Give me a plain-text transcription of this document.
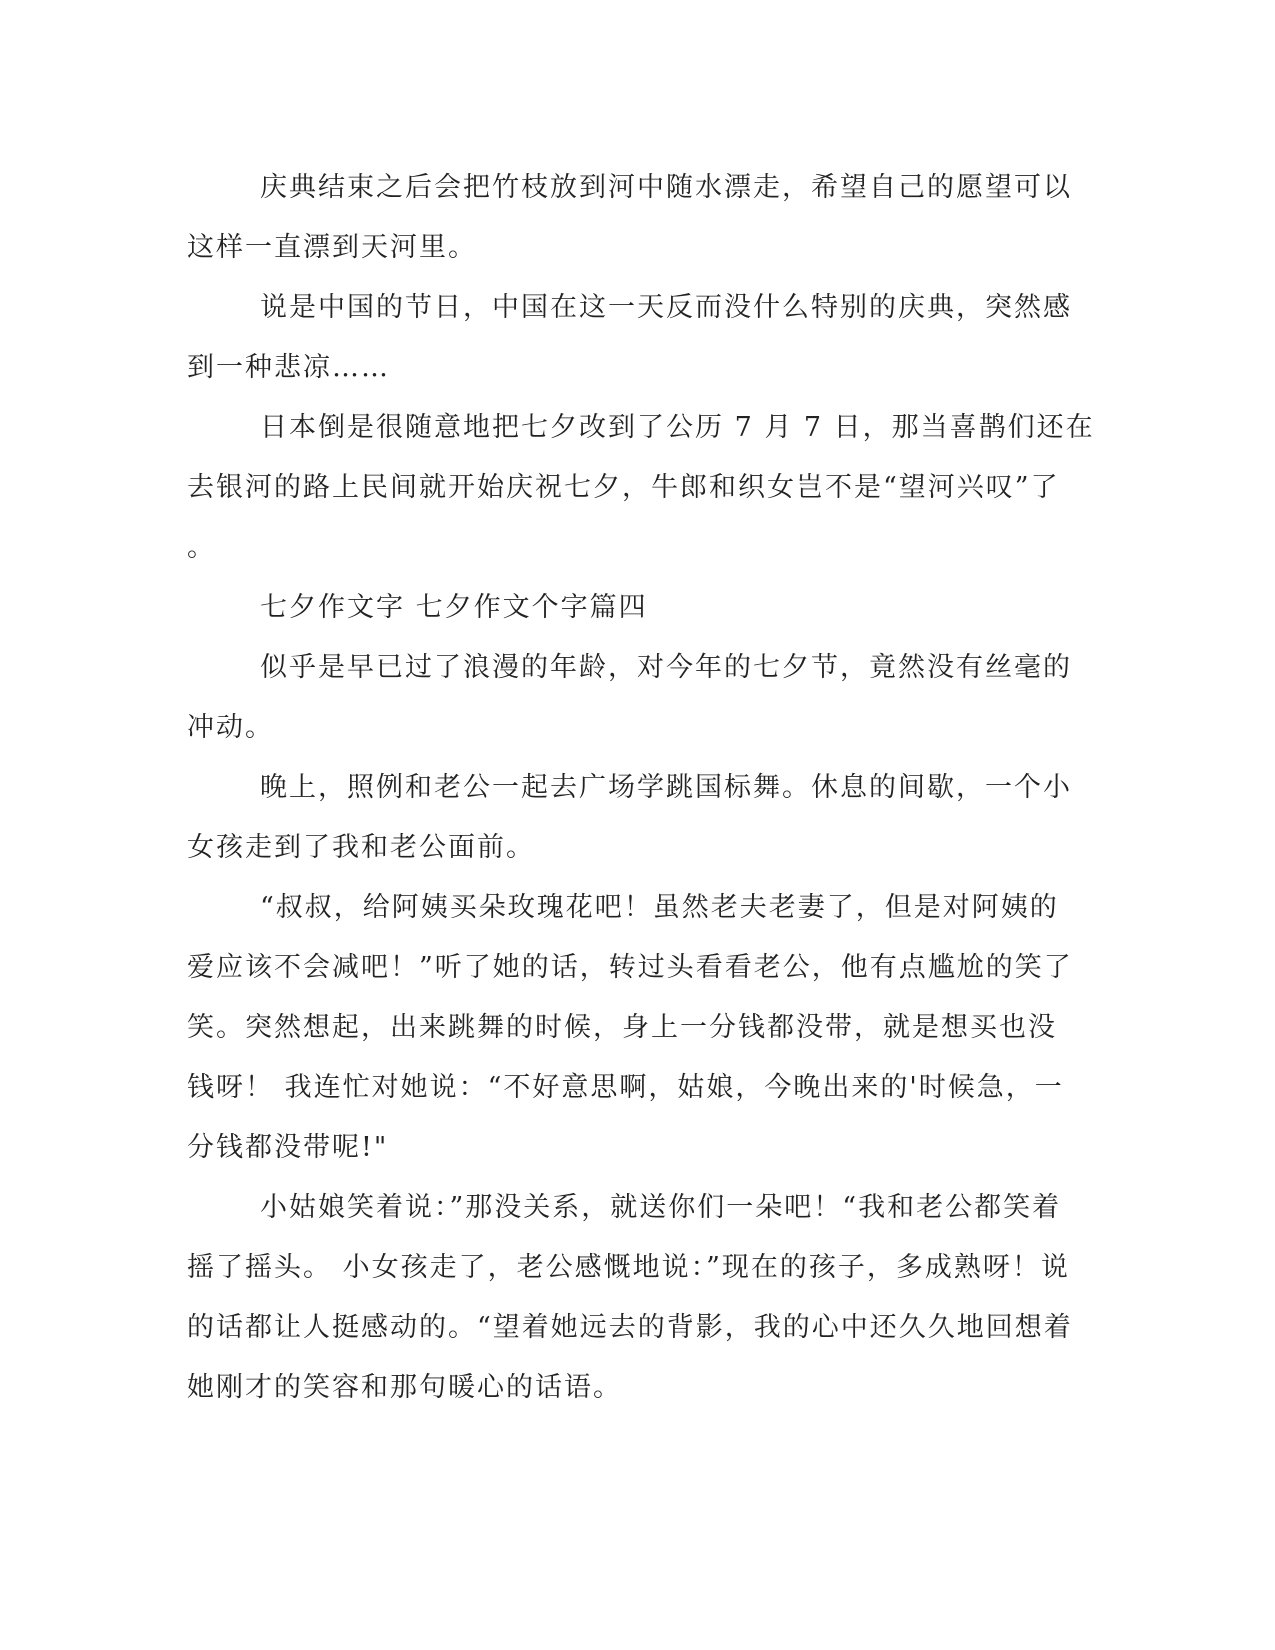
庆典结束之后会把竹枝放到河中随水漂走，希望自己的愿望可以
这样一直漂到天河里。

说是中国的节日，中国在这一天反而没什么特别的庆典，突然感
到一种悲凉……

日本倒是很随意地把七夕改到了公历 7 月 7 日，那当喜鹊们还在
去银河的路上民间就开始庆祝七夕，牛郎和织女岂不是“望河兴叹”了
。

七夕作文字 七夕作文个字篇四

似乎是早已过了浪漫的年龄，对今年的七夕节，竟然没有丝毫的
冲动。

晚上，照例和老公一起去广场学跳国标舞。休息的间歇，一个小
女孩走到了我和老公面前。

“叔叔，给阿姨买朵玫瑰花吧！虽然老夫老妻了，但是对阿姨的
爱应该不会减吧！”听了她的话，转过头看看老公，他有点尴尬的笑了
笑。突然想起，出来跳舞的时候，身上一分钱都没带，就是想买也没
钱呀！ 我连忙对她说：“不好意思啊，姑娘，今晚出来的'时候急，一
分钱都没带呢!"

小姑娘笑着说：”那没关系，就送你们一朵吧！“我和老公都笑着
摇了摇头。 小女孩走了，老公感慨地说：”现在的孩子，多成熟呀！说
的话都让人挺感动的。“望着她远去的背影，我的心中还久久地回想着
她刚才的笑容和那句暖心的话语。
